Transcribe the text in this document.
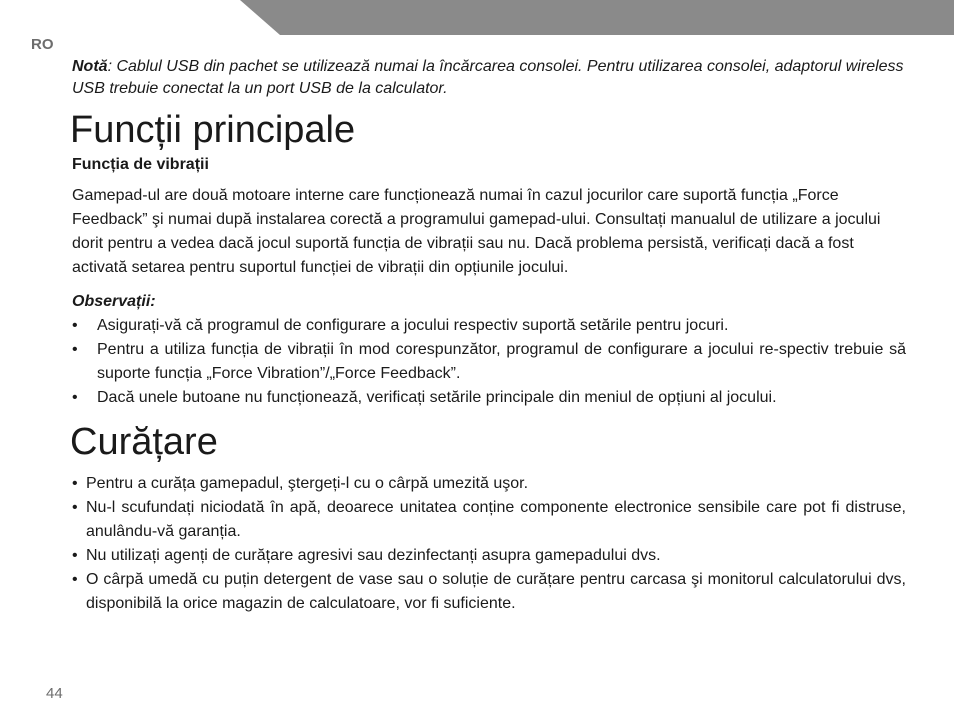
RO

Notă: Cablul USB din pachet se utilizează numai la încărcarea consolei. Pentru utilizarea consolei, adaptorul wireless USB trebuie conectat la un port USB de la calculator.

Funcții principale
Funcția de vibrații

Gamepad-ul are două motoare interne care funcționează numai în cazul jocurilor care suportă funcția „Force Feedback” şi numai după instalarea corectă a programului gamepad-ului. Consultați manualul de utilizare a jocului dorit pentru a vedea dacă jocul suportă funcția de vibrații sau nu. Dacă problema persistă, verificați dacă a fost activată setarea pentru suportul funcției de vibrații din opțiunile jocului.

Observații:

• Asigurați-vă că programul de configurare a jocului respectiv suportă setările pentru jocuri.
• Pentru a utiliza funcția de vibrații în mod corespunzător, programul de configurare a jocului re-spectiv trebuie să suporte funcția „Force Vibration”/„Force Feedback”.
• Dacă unele butoane nu funcționează, verificați setările principale din meniul de opțiuni al jocului.
Curățare
• Pentru a curăța gamepadul, ştergeți-l cu o cârpă umezită uşor.
• Nu-l scufundați niciodată în apă, deoarece unitatea conține componente electronice sensibile care pot fi distruse, anulându-vă garanția.
• Nu utilizați agenți de curățare agresivi sau dezinfectanți asupra gamepadului dvs.
• O cârpă umedă cu puțin detergent de vase sau o soluție de curățare pentru carcasa şi monitorul calculatorului dvs, disponibilă la orice magazin de calculatoare, vor fi suficiente.
44
